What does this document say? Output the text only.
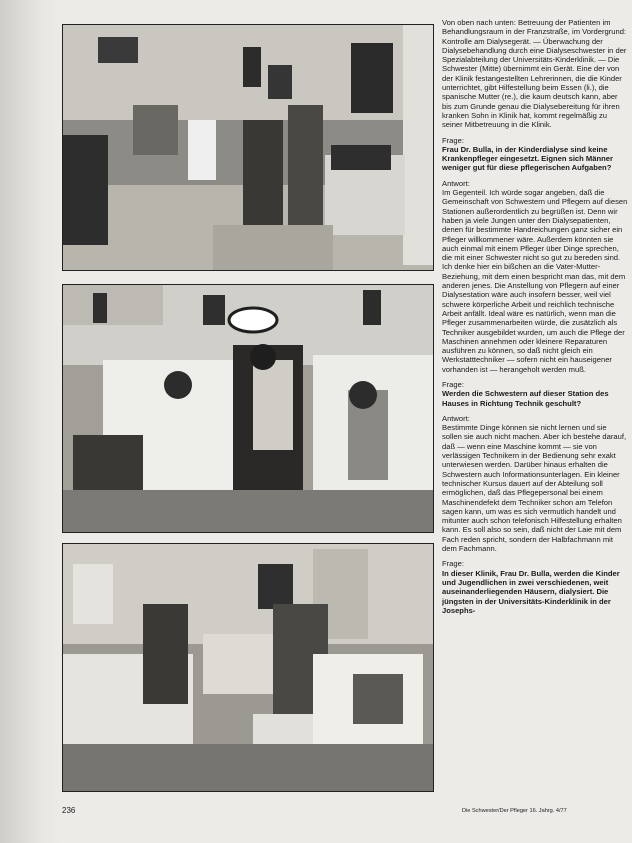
Von oben nach unten: Betreuung der Patienten im Behandlungsraum in der Franzstraße, im Vordergrund: Kontrolle am Dialysegerät. — Überwachung der Dialysebehandlung durch eine Dialyseschwester in der Spezialabteilung der Universitäts-Kinderklinik. — Die Schwester (Mitte) übernimmt ein Gerät. Eine der von der Klinik festangestellten Lehrerinnen, die die Kinder unterrichtet, gibt Hilfestellung beim Essen (li.), die spanische Mutter (re.), die kaum deutsch kann, aber bis zum Grunde genau die Dialysebereitung für ihren kranken Sohn in Klinik hat, kommt regelmäßig zu seiner Mitbetreuung in die Klinik.

Frage:

Frau Dr. Bulla, in der Kinderdialyse sind keine Krankenpfleger eingesetzt. Eignen sich Männer weniger gut für diese pflegerischen Aufgaben?

Antwort:

Im Gegenteil. Ich würde sogar angeben, daß die Gemeinschaft von Schwestern und Pflegern auf diesen Stationen außerordentlich zu begrüßen ist. Denn wir haben ja viele Jungen unter den Dialysepatienten, denen für bestimmte Handreichungen ganz sicher ein Pfleger willkommener wäre. Außerdem könnten sie auch einmal mit einem Pfleger über Dinge sprechen, die mit einer Schwester nicht so gut zu bereden sind. Ich denke hier ein bißchen an die Vater-Mutter-Beziehung, mit dem einen bespricht man das, mit dem anderen jenes. Die Anstellung von Pflegern auf einer Dialysestation wäre auch insofern besser, weil viel schwere körperliche Arbeit und reichlich technische Arbeit anfällt. Ideal wäre es natürlich, wenn man die Pfleger zusammenarbeiten würde, die zusätzlich als Techniker ausgebildet wurden, um auch die Pflege der Maschinen annehmen oder kleinere Reparaturen ausführen zu können, so daß nicht gleich ein Werkstatttechniker — sofern nicht ein hauseigener vorhanden ist — herangeholt werden muß.

Frage:

Werden die Schwestern auf dieser Station des Hauses in Richtung Technik geschult?

Antwort:

Bestimmte Dinge können sie nicht lernen und sie sollen sie auch nicht machen. Aber ich bestehe darauf, daß — wenn eine Maschine kommt — sie von verlässigen Technikern in der Bedienung sehr exakt unterwiesen werden. Darüber hinaus erhalten die Schwestern auch Informationsunterlagen. Ein kleiner technischer Kursus dauert auf der Abteilung soll ermöglichen, daß das Pflegepersonal bei einem Maschinendefekt dem Techniker schon am Telefon sagen kann, um was es sich vermutlich handelt und mitunter auch schon telefonisch Hilfestellung erhalten kann. Es soll also so sein, daß nicht der Laie mit dem Fach reden spricht, sondern der Halbfachmann mit dem Fachmann.

Frage:

In dieser Klinik, Frau Dr. Bulla, werden die Kinder und Jugendlichen in zwei verschiedenen, weit auseinanderliegenden Häusern, dialysiert. Die jüngsten in der Universitäts-Kinderklinik in der Josephs-

236	Die Schwester/Der Pfleger 16. Jahrg. 4/77
